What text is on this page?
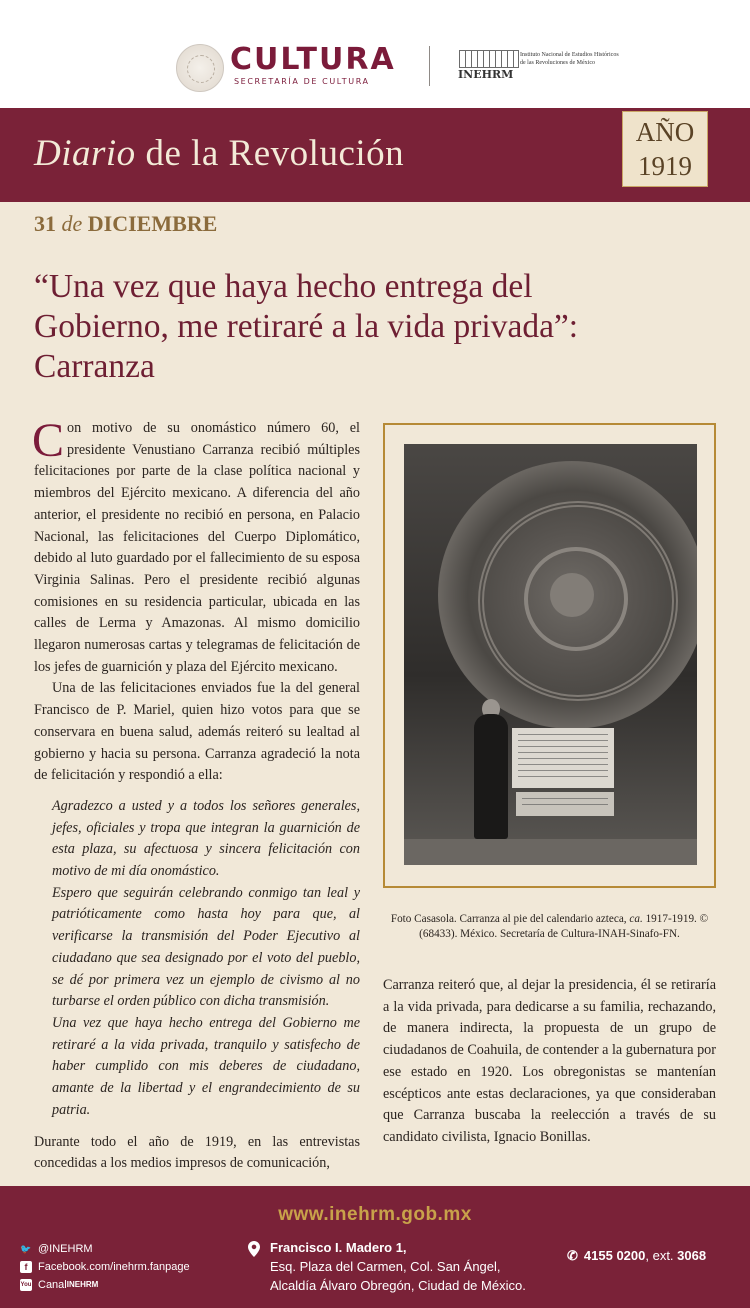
CULTURA
SECRETARÍA DE CULTURA
INEHRM
Instituto Nacional de Estudios Históricos de las Revoluciones de México
Diario de la Revolución
AÑO
1919
31 de DICIEMBRE
“Una vez que haya hecho entrega del Gobierno, me retiraré a la vida privada”: Carranza

Con motivo de su onomástico número 60, el presidente Venustiano Carranza recibió múltiples felicitaciones por parte de la clase política nacional y miembros del Ejército mexicano. A diferencia del año anterior, el presidente no recibió en persona, en Palacio Nacional, las felicitaciones del Cuerpo Diplomático, debido al luto guardado por el fallecimiento de su esposa Virginia Salinas. Pero el presidente recibió algunas comisiones en su residencia particular, ubicada en las calles de Lerma y Amazonas. Al mismo domicilio llegaron numerosas cartas y telegramas de felicitación de los jefes de guarnición y plaza del Ejército mexicano.

Una de las felicitaciones enviados fue la del general Francisco de P. Mariel, quien hizo votos para que se conservara en buena salud, además reiteró su lealtad al gobierno y hacia su persona. Carranza agradeció la nota de felicitación y respondió a ella:

Agradezco a usted y a todos los señores generales, jefes, oficiales y tropa que integran la guarnición de esta plaza, su afectuosa y sincera felicitación con motivo de mi día onomástico.

Espero que seguirán celebrando conmigo tan leal y patrióticamente como hasta hoy para que, al verificarse la transmisión del Poder Ejecutivo al ciudadano que sea designado por el voto del pueblo, se dé por primera vez un ejemplo de civismo al no turbarse el orden público con dicha transmisión.

Una vez que haya hecho entrega del Gobierno me retiraré a la vida privada, tranquilo y satisfecho de haber cumplido con mis deberes de ciudadano, amante de la libertad y el engrandecimiento de su patria.

Durante todo el año de 1919, en las entrevistas concedidas a los medios impresos de comunicación,

Foto Casasola. Carranza al pie del calendario azteca, ca. 1917-1919. © (68433). México. Secretaría de Cultura-INAH-Sinafo-FN.

Carranza reiteró que, al dejar la presidencia, él se retiraría a la vida privada, para dedicarse a su familia, rechazando, de manera indirecta, la propuesta de un grupo de ciudadanos de Coahuila, de contender a la gubernatura por ese estado en 1920. Los obregonistas se mantenían escépticos ante estas declaraciones, ya que consideraban que Carranza buscaba la reelección a través de su candidato civilista, Ignacio Bonillas.

www.inehrm.gob.mx
🐦 @INEHRM
f Facebook.com/inehrm.fanpage
You Canal INEHRM
Francisco I. Madero 1,
Esq. Plaza del Carmen, Col. San Ángel,
Alcaldía Álvaro Obregón, Ciudad de México.
✆ 4155 0200, ext. 3068
